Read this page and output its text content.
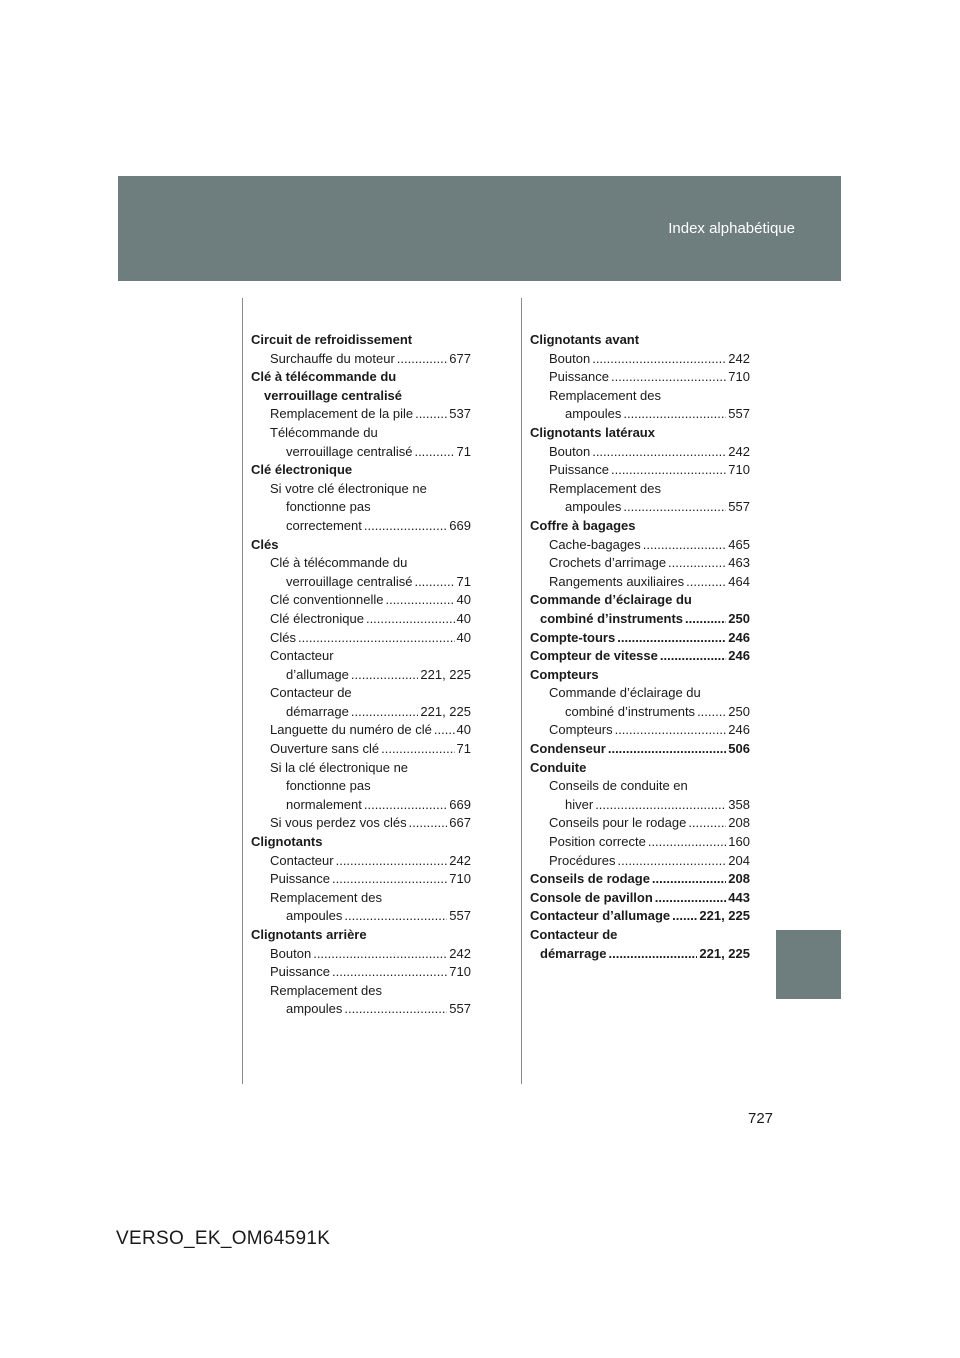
Index alphabétique
Circuit de refroidissement
Surchauffe du moteur .....	677
Clé à télécommande du
verrouillage centralisé
Remplacement de la pile .....	537
Télécommande du
verrouillage centralisé .....	71
Clé électronique
Si votre clé électronique ne
fonctionne pas
correctement .....	669
Clés
Clé à télécommande du
verrouillage centralisé .....	71
Clé conventionnelle .....	40
Clé électronique .....	40
Clés .....	40
Contacteur
d’allumage .....	221, 225
Contacteur de
démarrage .....	221, 225
Languette du numéro de clé ..... 40
Ouverture sans clé .....	71
Si la clé électronique ne
fonctionne pas
normalement .....	669
Si vous perdez vos clés .....	667
Clignotants
Contacteur .....	242
Puissance .....	710
Remplacement des
ampoules .....	557
Clignotants arrière
Bouton .....	242
Puissance .....	710
Remplacement des
ampoules .....	557
Clignotants avant
Bouton .....	242
Puissance .....	710
Remplacement des
ampoules .....	557
Clignotants latéraux
Bouton .....	242
Puissance .....	710
Remplacement des
ampoules .....	557
Coffre à bagages
Cache-bagages .....	465
Crochets d’arrimage .....	463
Rangements auxiliaires .....	464
Commande d’éclairage du
combiné d’instruments .....	250
Compte-tours .....	246
Compteur de vitesse .....	246
Compteurs
Commande d’éclairage du
combiné d’instruments .....	250
Compteurs .....	246
Condenseur .....	506
Conduite
Conseils de conduite en
hiver .....	358
Conseils pour le rodage .....	208
Position correcte .....	160
Procédures .....	204
Conseils de rodage .....	208
Console de pavillon .....	443
Contacteur d’allumage ..... 221, 225
Contacteur de
démarrage .....	221, 225
727
VERSO_EK_OM64591K
